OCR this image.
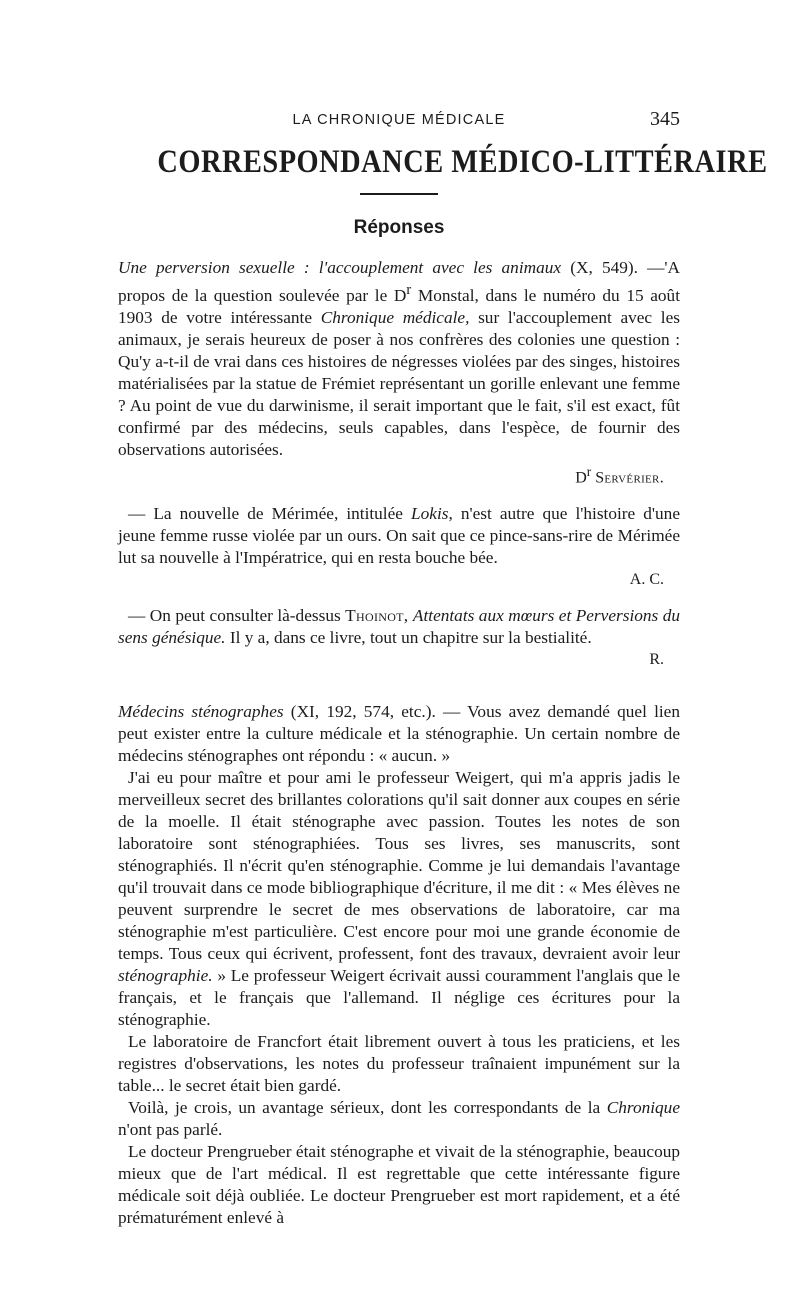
LA CHRONIQUE MÉDICALE	345
CORRESPONDANCE MÉDICO-LITTÉRAIRE
Réponses

Une perversion sexuelle : l'accouplement avec les animaux (X, 549). —'A propos de la question soulevée par le $D^r$ Monstal, dans le numéro du 15 août 1903 de votre intéressante Chronique médicale, sur l'accouplement avec les animaux, je serais heureux de poser à nos confrères des colonies une question : Qu'y a-t-il de vrai dans ces histoires de négresses violées par des singes, histoires matérialisées par la statue de Frémiet représentant un gorille enlevant une femme ? Au point de vue du darwinisme, il serait important que le fait, s'il est exact, fût confirmé par des médecins, seuls capables, dans l'espèce, de fournir des observations autorisées.

$D^r$ Servérier.

— La nouvelle de Mérimée, intitulée Lokis, n'est autre que l'histoire d'une jeune femme russe violée par un ours. On sait que ce pince-sans-rire de Mérimée lut sa nouvelle à l'Impératrice, qui en resta bouche bée.

A. C.

— On peut consulter là-dessus Thoinot, Attentats aux mœurs et Perversions du sens génésique. Il y a, dans ce livre, tout un chapitre sur la bestialité.

R.

Médecins sténographes (XI, 192, 574, etc.). — Vous avez demandé quel lien peut exister entre la culture médicale et la sténographie. Un certain nombre de médecins sténographes ont répondu : « aucun. »

J'ai eu pour maître et pour ami le professeur Weigert, qui m'a appris jadis le merveilleux secret des brillantes colorations qu'il sait donner aux coupes en série de la moelle. Il était sténographe avec passion. Toutes les notes de son laboratoire sont sténographiées. Tous ses livres, ses manuscrits, sont sténographiés. Il n'écrit qu'en sténographie. Comme je lui demandais l'avantage qu'il trouvait dans ce mode bibliographique d'écriture, il me dit : « Mes élèves ne peuvent surprendre le secret de mes observations de laboratoire, car ma sténographie m'est particulière. C'est encore pour moi une grande économie de temps. Tous ceux qui écrivent, professent, font des travaux, devraient avoir leur sténographie. » Le professeur Weigert écrivait aussi couramment l'anglais que le français, et le français que l'allemand. Il néglige ces écritures pour la sténographie.

Le laboratoire de Francfort était librement ouvert à tous les praticiens, et les registres d'observations, les notes du professeur traînaient impunément sur la table... le secret était bien gardé.

Voilà, je crois, un avantage sérieux, dont les correspondants de la Chronique n'ont pas parlé.

Le docteur Prengrueber était sténographe et vivait de la sténographie, beaucoup mieux que de l'art médical. Il est regrettable que cette intéressante figure médicale soit déjà oubliée. Le docteur Prengrueber est mort rapidement, et a été prématurément enlevé à
